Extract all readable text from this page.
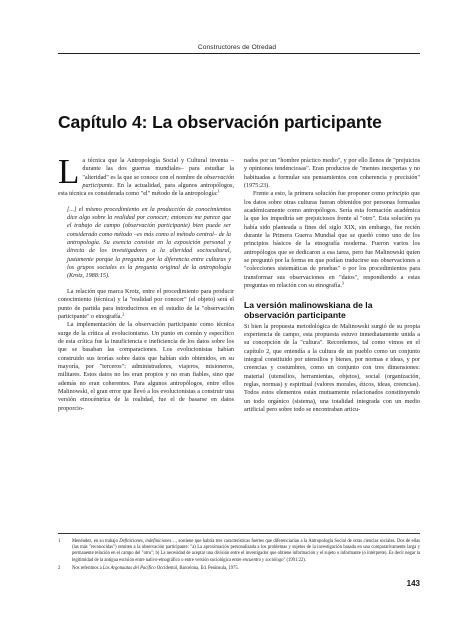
Constructores de Otredad
Capítulo 4: La observación participante

La técnica que la Antropología Social y Cultural inventa –durante las dos guerras mundiales– para estudiar la "alteridad" es la que se conoce con el nombre de observación participante. En la actualidad, para algunos antropólogos, esta técnica es considerada como "el" método de la antropología:$^1$

[...] el mismo procedimiento en la producción de conocimientos dice algo sobre la realidad por conocer; entonces me parece que el trabajo de campo (observación participante) bien puede ser considerado como método –es más como el método central– de la antropología. Su esencia consiste en la exposición personal y directa de los investigadores a la alteridad sociocultural, justamente porque la pregunta por la diferencia entre culturas y los grupos sociales es la pregunta original de la antropología (Krotz, 1988:15).

La relación que marca Krotz, entre el procedimiento para producir conocimiento (técnica) y la "realidad por conocer" (el objeto) será el punto de partida para introducirnos en el estudio de la "observación participante" o etnografía.$^2$

La implementación de la observación participante como técnica surge de la crítica al evolucionismo. Un punto en común y específico de esta crítica fue la insuficiencia e ineficiencia de los datos sobre los que se basaban las comparaciones. Los evolucionistas habían construido sus teorías sobre datos que habían sido obtenidos, en su mayoría, por "terceros": administradores, viajeros, misioneros, militares. Estos datos no les eran propios y no eran fiables, sino que además no eran coherentes. Para algunos antropólogos, entre ellos Malinowski, el gran error que llevó a los evolucionistas a construir una versión etnocéntrica de la realidad, fue el de basarse en datos proporcio-

nados por un "hombre práctico medio", y por ello llenos de "prejuicios y opiniones tendenciosas". Eran productos de "mentes inexpertas y no habituadas a formular sus pensamientos con coherencia y precisión" (1975:23).

Frente a esto, la primera solución fue proponer como principio que los datos sobre otras culturas fueran obtenidos por personas formadas académicamente como antropólogos. Sería esta formación académica la que les impediría ser prejuiciosos frente al "otro". Esta solución ya había sido planteada a fines del siglo XIX, sin embargo, fue recién durante la Primera Guerra Mundial que se quedó como uno de los principios básicos de la etnografía moderna. Fueron varios los antropólogos que se dedicaron a esa tarea, pero fue Malinowski quien se preguntó por la forma en que podían traducirse sus observaciones a "colecciones sistemáticas de pruebas" o por los procedimientos para transformar sus observaciones en "datos", respondiendo a estas preguntas en relación con su etnografía.$^3$

La versión malinowskiana de la observación participante

Si bien la propuesta metodológica de Malinowski surgió de su propia experiencia de campo, esta propuesta estuvo inmediatamente unida a su concepción de la "cultura". Recordemos, tal como vimos en el capítulo 2, que entendía a la cultura de un pueblo como un conjunto integral constituido por utensilios y bienes, por normas e ideas, y por creencias y costumbres, como un conjunto con tres dimensiones: material (utensilios, herramientas, objetos), social (organización, reglas, normas) y espiritual (valores morales, éticos, ideas, creencias). Todos estos elementos están mutuamente relacionados constituyendo un todo orgánico (sistema), una totalidad integrada con un medio artificial pero sobre todo se encontraban articu-

1	Menéndez, en su trabajo Definiciones, indefiniciones…, sostiene que habría tres características fuertes que diferenciarían a la Antropología Social de otras ciencias sociales. Dos de ellas (las más "reconocidas") remiten a la observación participante: "a) La aproximación personalizada a los problemas y sujetos de la investigación basada en una comparativamente larga y permanente relación en el campo del "otro"; b) La necesidad de aceptar una división entre el investigador que obtiene información y el sujeto o informante (o intérprete). Es decir negar la legitimidad de la antigua escisión entre nativo-etnográfico o entre versión sociológica entre encuentro y sociólogo" (1991:22).
2	Nos referimos a Los Argonautas del Pacífico Occidental, Barcelona, Ed. Península, 1975.
143
